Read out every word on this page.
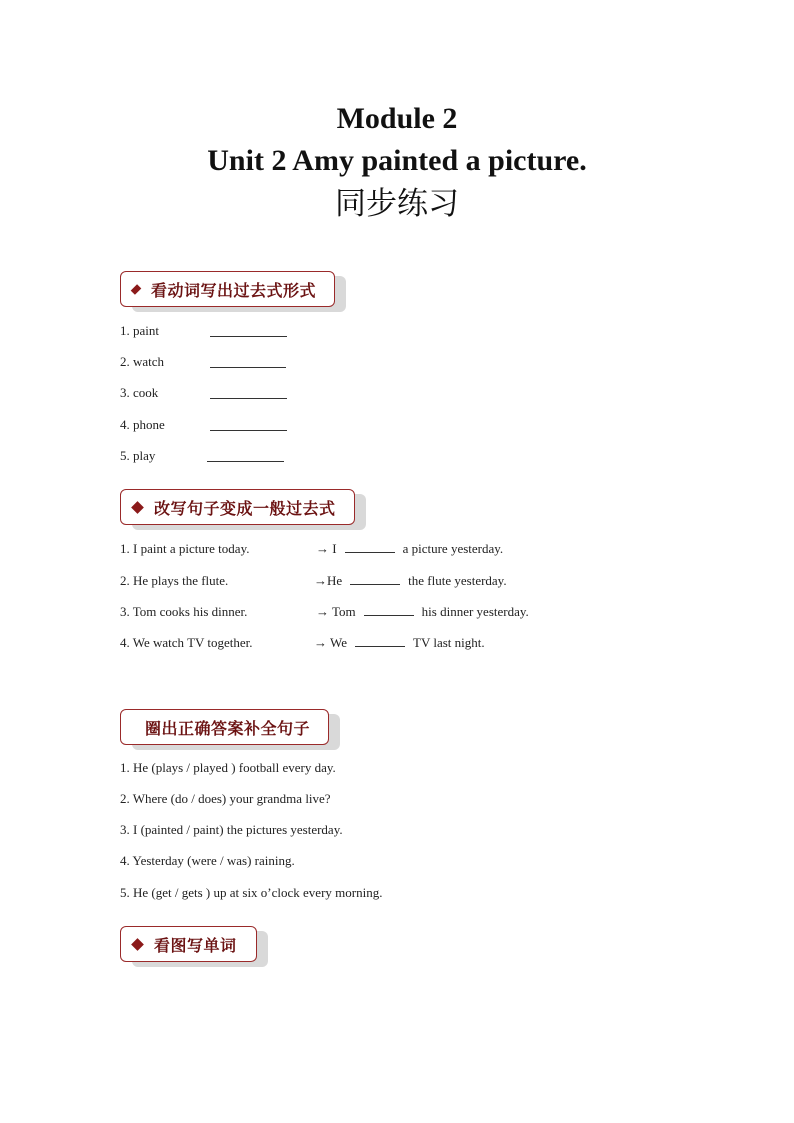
Module 2
Unit 2 Amy painted a picture.
同步练习
看动词写出过去式形式
1. paint
2. watch
3. cook
4. phone
5. play
改写句子变成一般过去式
1. I paint a picture today.	→ I	a picture yesterday.
2. He plays the flute.	→He	the flute yesterday.
3. Tom cooks his dinner.	→ Tom	his dinner yesterday.
4. We watch TV together.	→ We	TV last night.
圈出正确答案补全句子
1. He (plays / played ) football every day.
2. Where (do / does) your grandma live?
3. I (painted / paint) the pictures yesterday.
4. Yesterday (were / was) raining.
5. He (get / gets ) up at six o’clock every morning.
看图写单词
